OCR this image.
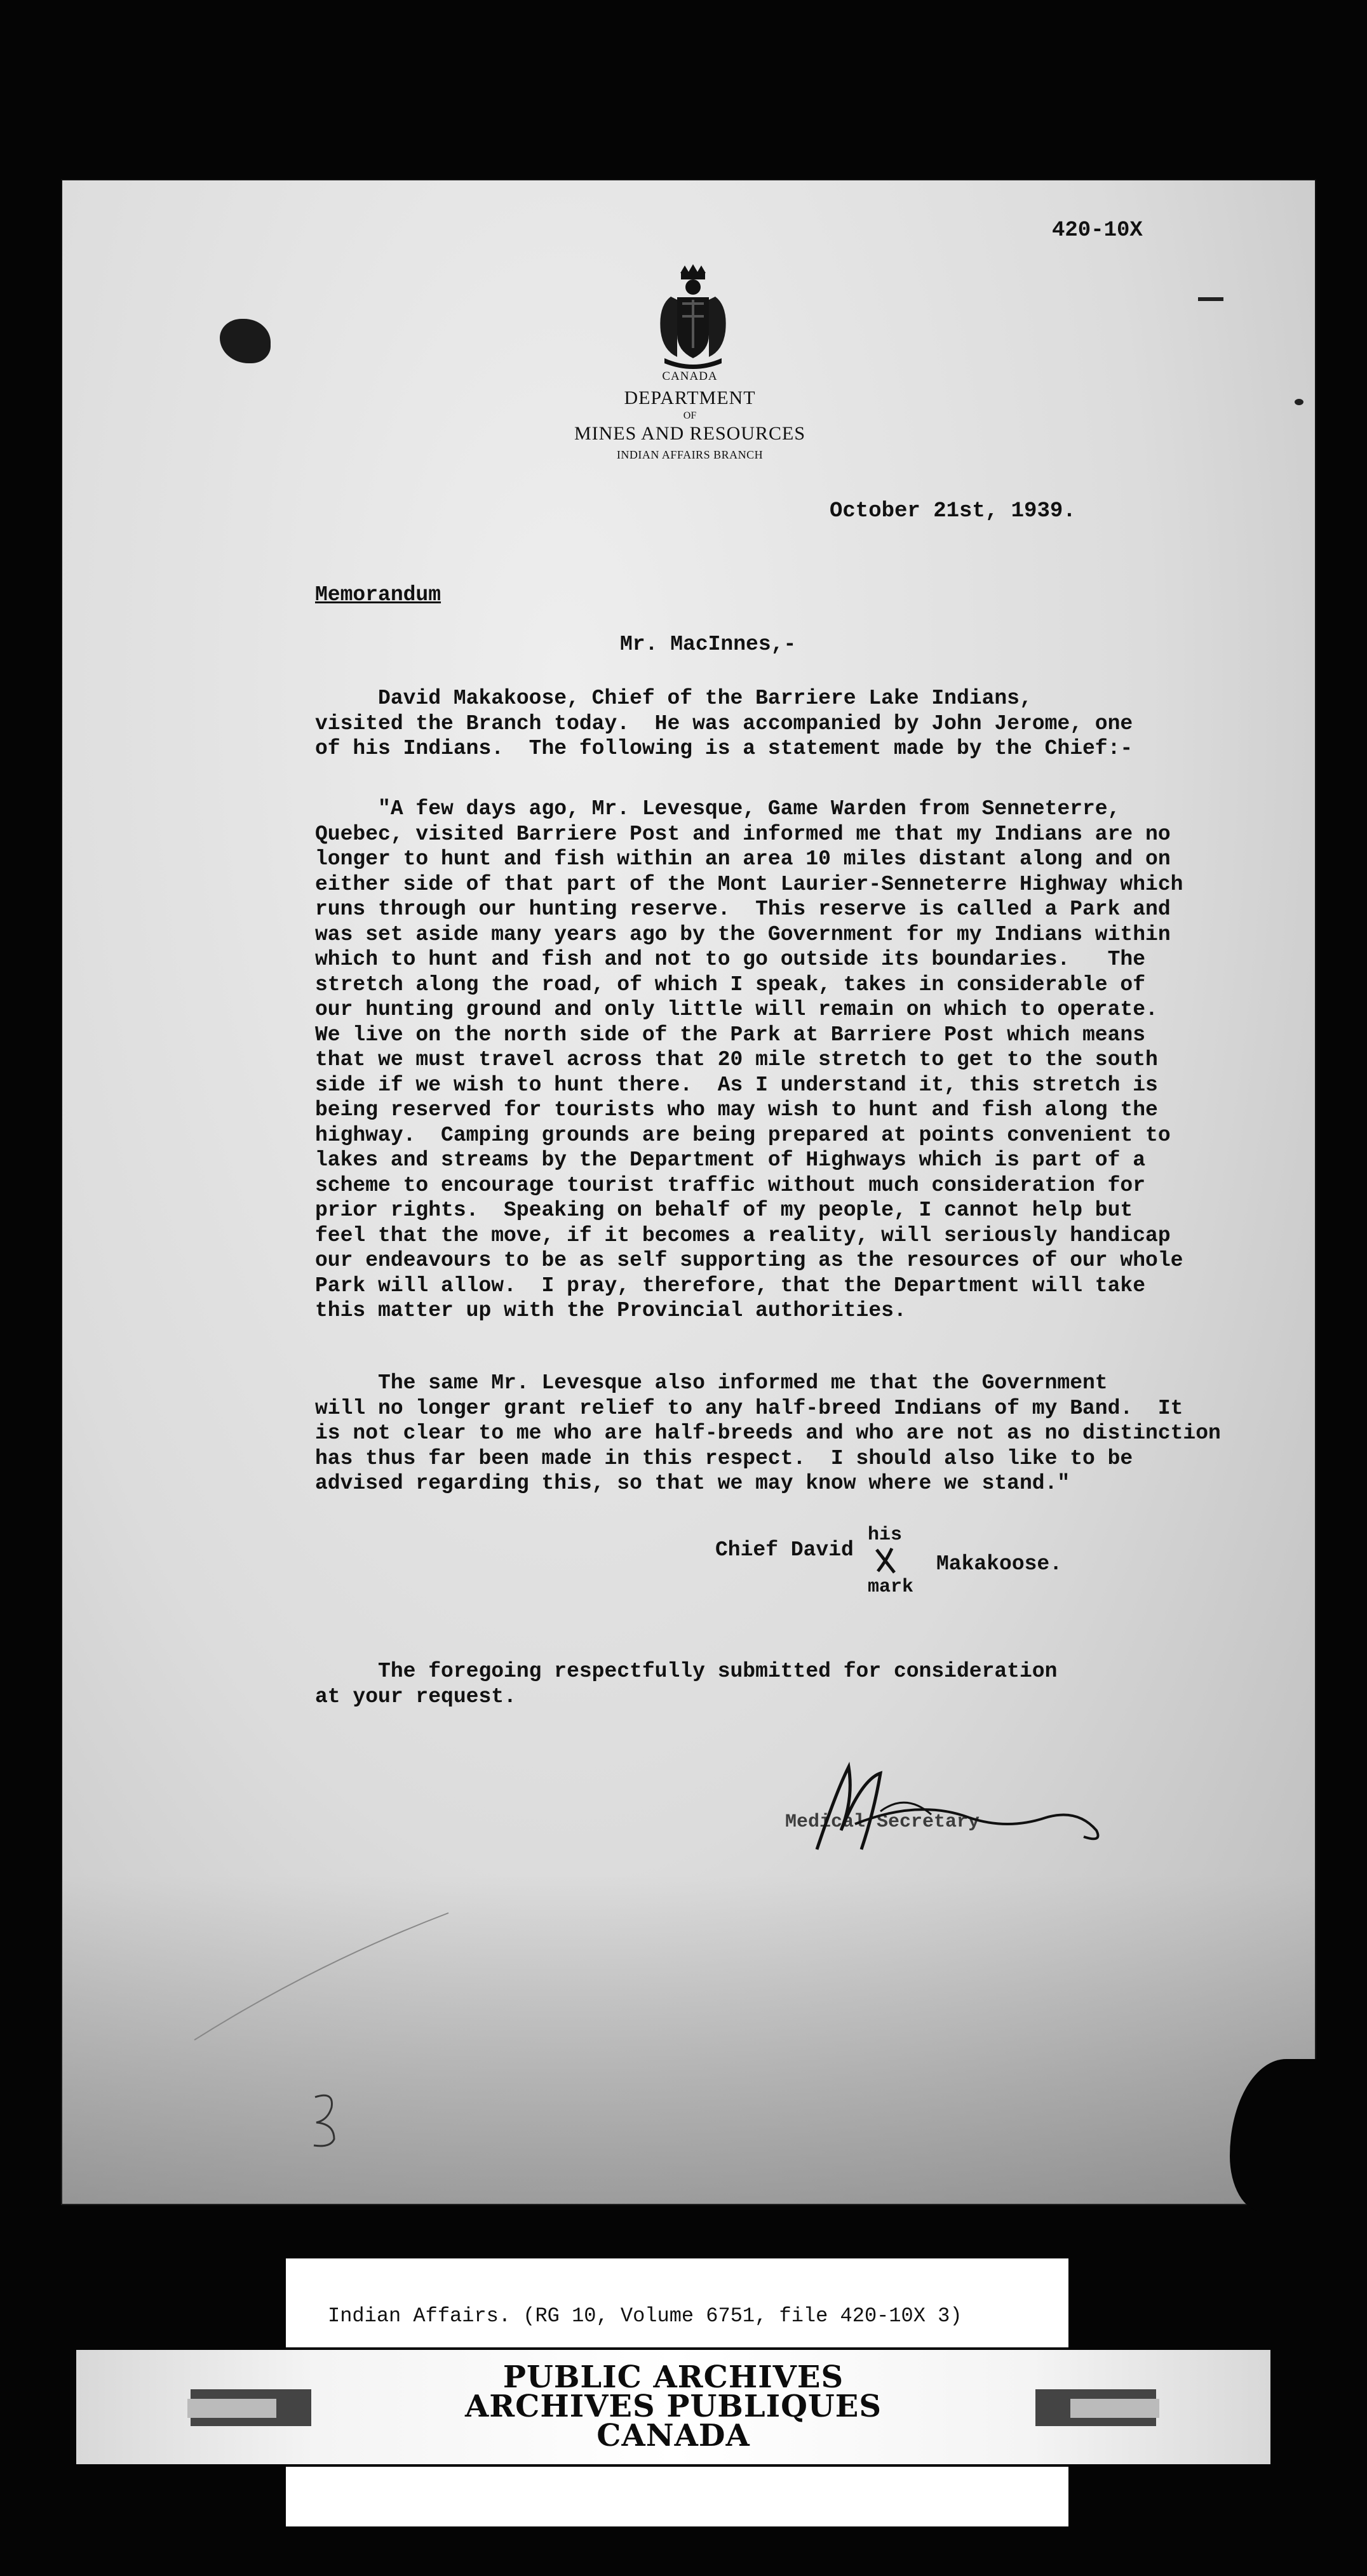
420-10X
CANADA
DEPARTMENT
OF
MINES AND RESOURCES
INDIAN AFFAIRS BRANCH
October 21st, 1939.
Memorandum
Mr. MacInnes,-
David Makakoose, Chief of the Barriere Lake Indians,
visited the Branch today.  He was accompanied by John Jerome, one
of his Indians.  The following is a statement made by the Chief:-
"A few days ago, Mr. Levesque, Game Warden from Senneterre,
Quebec, visited Barriere Post and informed me that my Indians are no
longer to hunt and fish within an area 10 miles distant along and on
either side of that part of the Mont Laurier-Senneterre Highway which
runs through our hunting reserve.  This reserve is called a Park and
was set aside many years ago by the Government for my Indians within
which to hunt and fish and not to go outside its boundaries.   The
stretch along the road, of which I speak, takes in considerable of
our hunting ground and only little will remain on which to operate.
We live on the north side of the Park at Barriere Post which means
that we must travel across that 20 mile stretch to get to the south
side if we wish to hunt there.  As I understand it, this stretch is
being reserved for tourists who may wish to hunt and fish along the
highway.  Camping grounds are being prepared at points convenient to
lakes and streams by the Department of Highways which is part of a
scheme to encourage tourist traffic without much consideration for
prior rights.  Speaking on behalf of my people, I cannot help but
feel that the move, if it becomes a reality, will seriously handicap
our endeavours to be as self supporting as the resources of our whole
Park will allow.  I pray, therefore, that the Department will take
this matter up with the Provincial authorities.
The same Mr. Levesque also informed me that the Government
will no longer grant relief to any half-breed Indians of my Band.  It
is not clear to me who are half-breeds and who are not as no distinction
has thus far been made in this respect.  I should also like to be
advised regarding this, so that we may know where we stand."
Chief David
his
mark
Makakoose.
The foregoing respectfully submitted for consideration
at your request.
Medical Secretary
Indian Affairs. (RG 10, Volume 6751, file 420-10X 3)
PUBLIC ARCHIVES
ARCHIVES PUBLIQUES
CANADA
